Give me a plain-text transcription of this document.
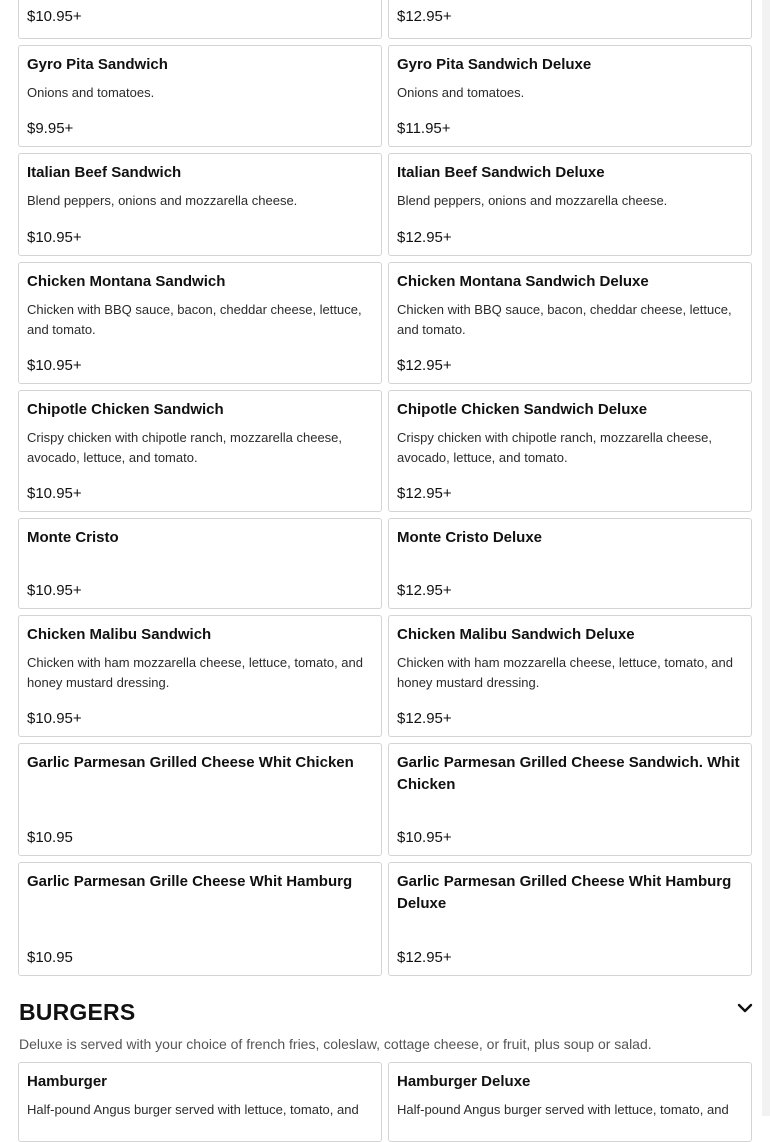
$10.95+	$12.95+
Gyro Pita Sandwich
Onions and tomatoes.
$9.95+
Gyro Pita Sandwich Deluxe
Onions and tomatoes.
$11.95+
Italian Beef Sandwich
Blend peppers, onions and mozzarella cheese.
$10.95+
Italian Beef Sandwich Deluxe
Blend peppers, onions and mozzarella cheese.
$12.95+
Chicken Montana Sandwich
Chicken with BBQ sauce, bacon, cheddar cheese, lettuce, and tomato.
$10.95+
Chicken Montana Sandwich Deluxe
Chicken with BBQ sauce, bacon, cheddar cheese, lettuce, and tomato.
$12.95+
Chipotle Chicken Sandwich
Crispy chicken with chipotle ranch, mozzarella cheese, avocado, lettuce, and tomato.
$10.95+
Chipotle Chicken Sandwich Deluxe
Crispy chicken with chipotle ranch, mozzarella cheese, avocado, lettuce, and tomato.
$12.95+
Monte Cristo
$10.95+
Monte Cristo Deluxe
$12.95+
Chicken Malibu Sandwich
Chicken with ham mozzarella cheese, lettuce, tomato, and honey mustard dressing.
$10.95+
Chicken Malibu Sandwich Deluxe
Chicken with ham mozzarella cheese, lettuce, tomato, and honey mustard dressing.
$12.95+
Garlic Parmesan Grilled Cheese Whit Chicken
$10.95
Garlic Parmesan Grilled Cheese Sandwich. Whit Chicken
$10.95+
Garlic Parmesan Grille Cheese Whit Hamburg
$10.95
Garlic Parmesan Grilled Cheese Whit Hamburg Deluxe
$12.95+
BURGERS
Deluxe is served with your choice of french fries, coleslaw, cottage cheese, or fruit, plus soup or salad.
Hamburger
Half-pound Angus burger served with lettuce, tomato, and
Hamburger Deluxe
Half-pound Angus burger served with lettuce, tomato, and
